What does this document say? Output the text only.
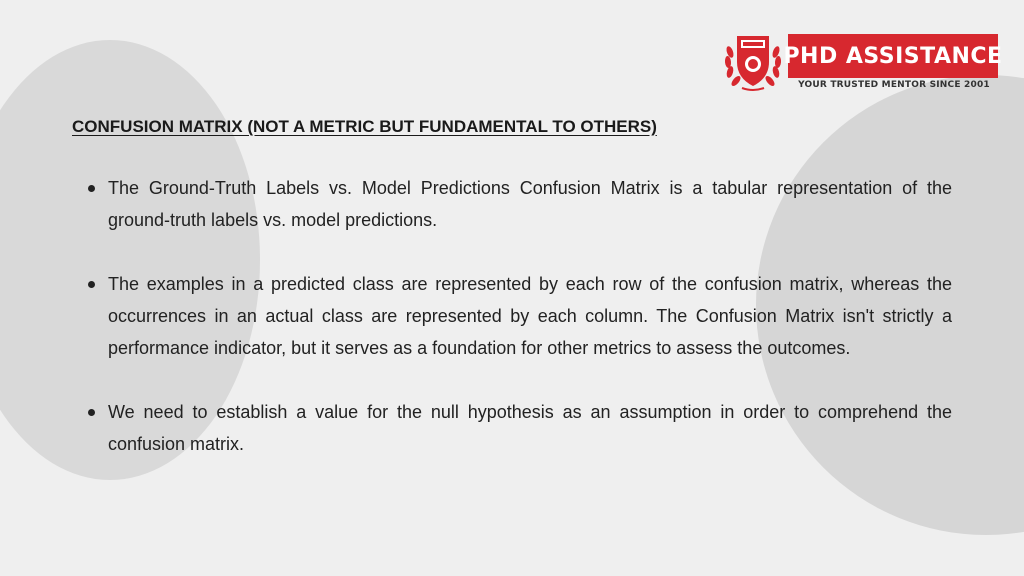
PHD ASSISTANCE
YOUR TRUSTED MENTOR SINCE 2001
CONFUSION MATRIX (NOT A METRIC BUT FUNDAMENTAL TO OTHERS)
The Ground-Truth Labels vs. Model Predictions Confusion Matrix is a tabular representation of the ground-truth labels vs. model predictions.
The examples in a predicted class are represented by each row of the confusion matrix, whereas the occurrences in an actual class are represented by each column. The Confusion Matrix isn't strictly a performance indicator, but it serves as a foundation for other metrics to assess the outcomes.
We need to establish a value for the null hypothesis as an assumption in order to comprehend the confusion matrix.
